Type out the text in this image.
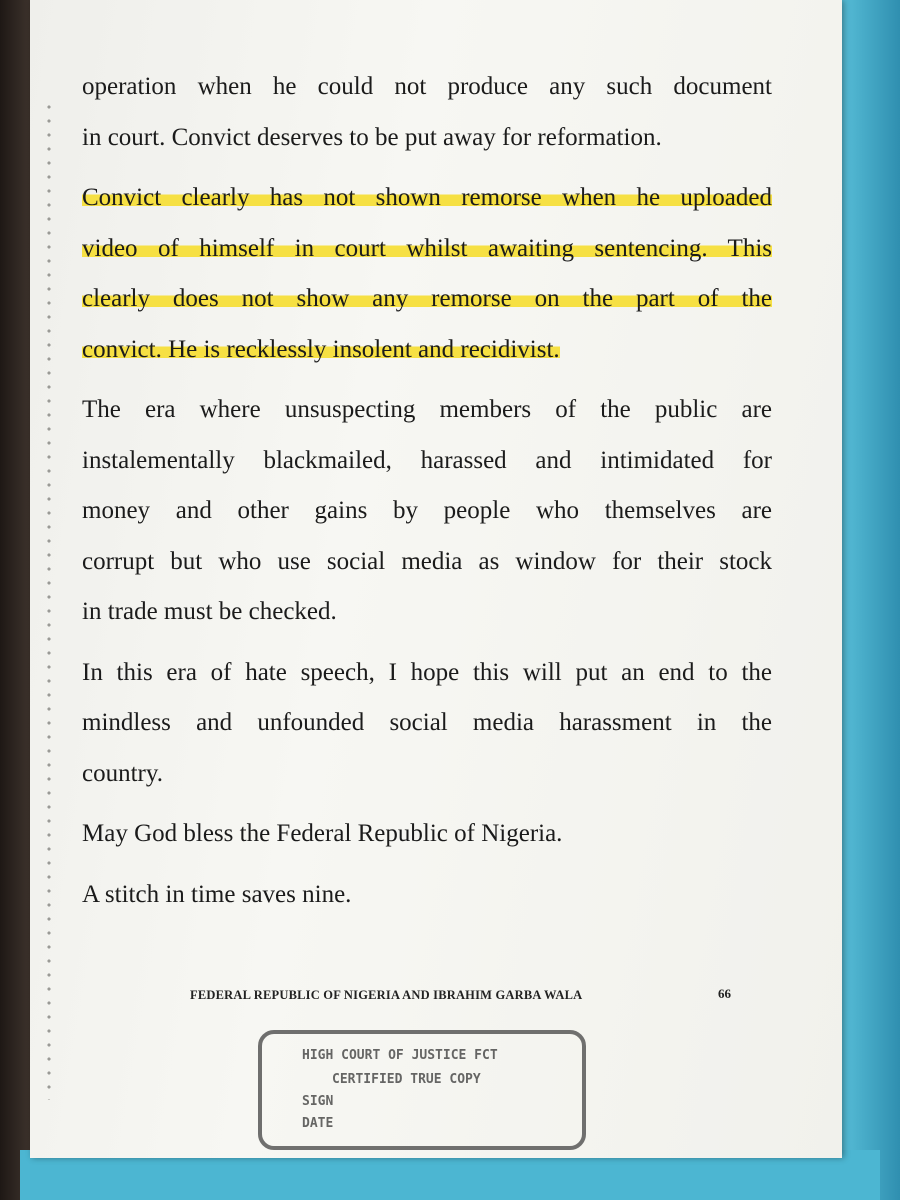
operation when he could not produce any such document
in court. Convict deserves to be put away for reformation.
Convict clearly has not shown remorse when he uploaded
video of himself in court whilst awaiting sentencing. This
clearly does not show any remorse on the part of the
convict. He is recklessly insolent and recidivist.
The era where unsuspecting members of the public are
instalementally blackmailed, harassed and intimidated for
money and other gains by people who themselves are
corrupt but who use social media as window for their stock
in trade must be checked.
In this era of hate speech, I hope this will put an end to the
mindless and unfounded social media harassment in the
country.
May God bless the Federal Republic of Nigeria.
A stitch in time saves nine.
FEDERAL REPUBLIC OF NIGERIA AND IBRAHIM GARBA WALA	66
HIGH COURT OF JUSTICE FCT
CERTIFIED TRUE COPY
SIGN
DATE
